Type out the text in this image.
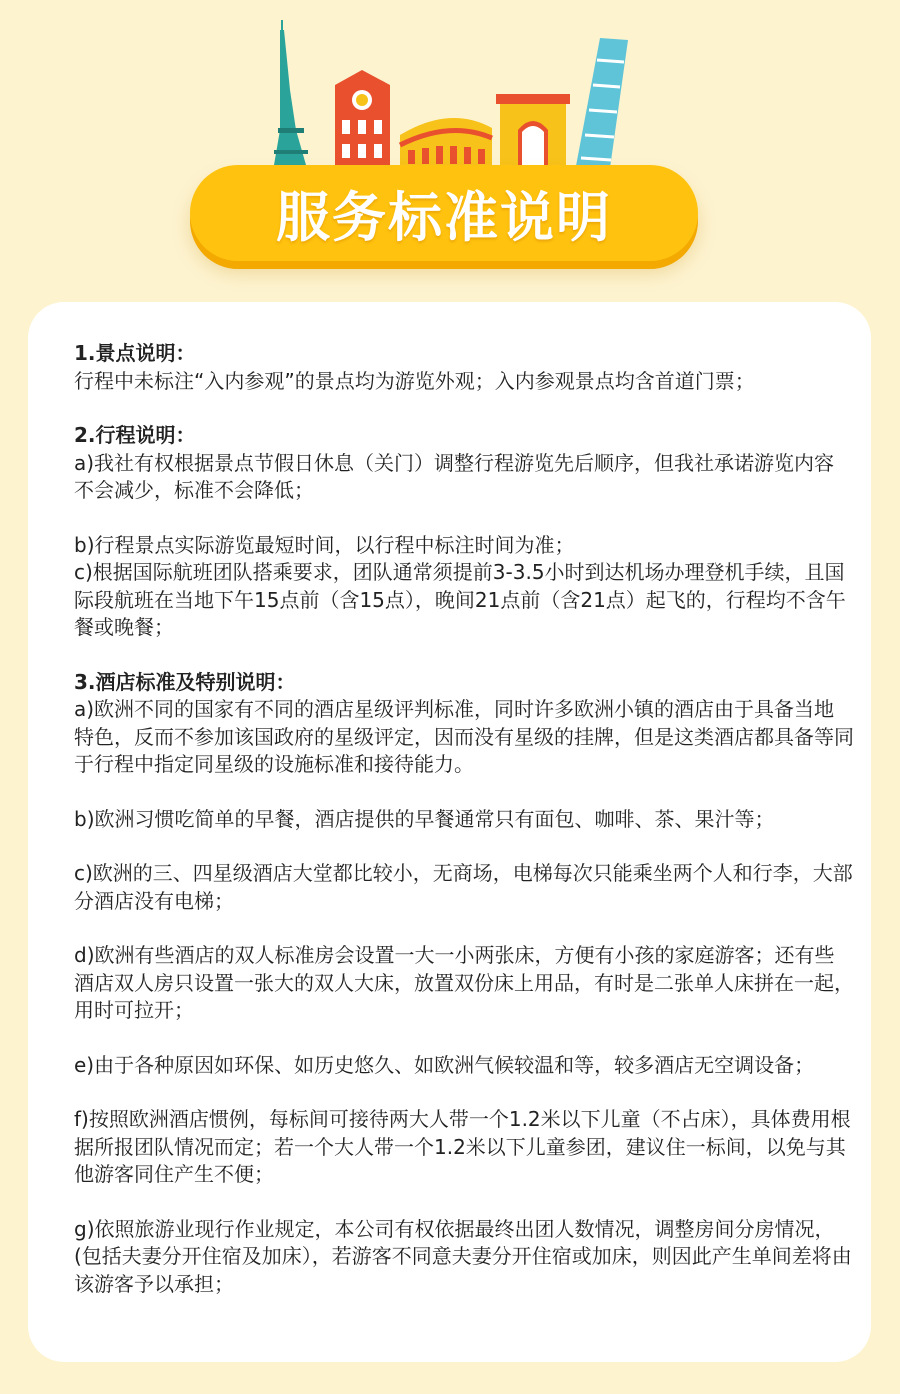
服务标准说明

1.景点说明：

行程中未标注“入内参观”的景点均为游览外观；入内参观景点均含首道门票；

2.行程说明：

a)我社有权根据景点节假日休息（关门）调整行程游览先后顺序，但我社承诺游览内容不会减少，标准不会降低；

b)行程景点实际游览最短时间，以行程中标注时间为准；

c)根据国际航班团队搭乘要求，团队通常须提前3-3.5小时到达机场办理登机手续，且国际段航班在当地下午15点前（含15点），晚间21点前（含21点）起飞的，行程均不含午餐或晚餐；

3.酒店标准及特别说明：

a)欧洲不同的国家有不同的酒店星级评判标准，同时许多欧洲小镇的酒店由于具备当地特色，反而不参加该国政府的星级评定，因而没有星级的挂牌，但是这类酒店都具备等同于行程中指定同星级的设施标准和接待能力。

b)欧洲习惯吃简单的早餐，酒店提供的早餐通常只有面包、咖啡、茶、果汁等；

c)欧洲的三、四星级酒店大堂都比较小，无商场，电梯每次只能乘坐两个人和行李，大部分酒店没有电梯；

d)欧洲有些酒店的双人标准房会设置一大一小两张床，方便有小孩的家庭游客；还有些酒店双人房只设置一张大的双人大床，放置双份床上用品，有时是二张单人床拼在一起，用时可拉开；

e)由于各种原因如环保、如历史悠久、如欧洲气候较温和等，较多酒店无空调设备；

f)按照欧洲酒店惯例，每标间可接待两大人带一个1.2米以下儿童（不占床），具体费用根据所报团队情况而定；若一个大人带一个1.2米以下儿童参团，建议住一标间，以免与其他游客同住产生不便；

g)依照旅游业现行作业规定，本公司有权依据最终出团人数情况，调整房间分房情况，(包括夫妻分开住宿及加床），若游客不同意夫妻分开住宿或加床，则因此产生单间差将由该游客予以承担；
